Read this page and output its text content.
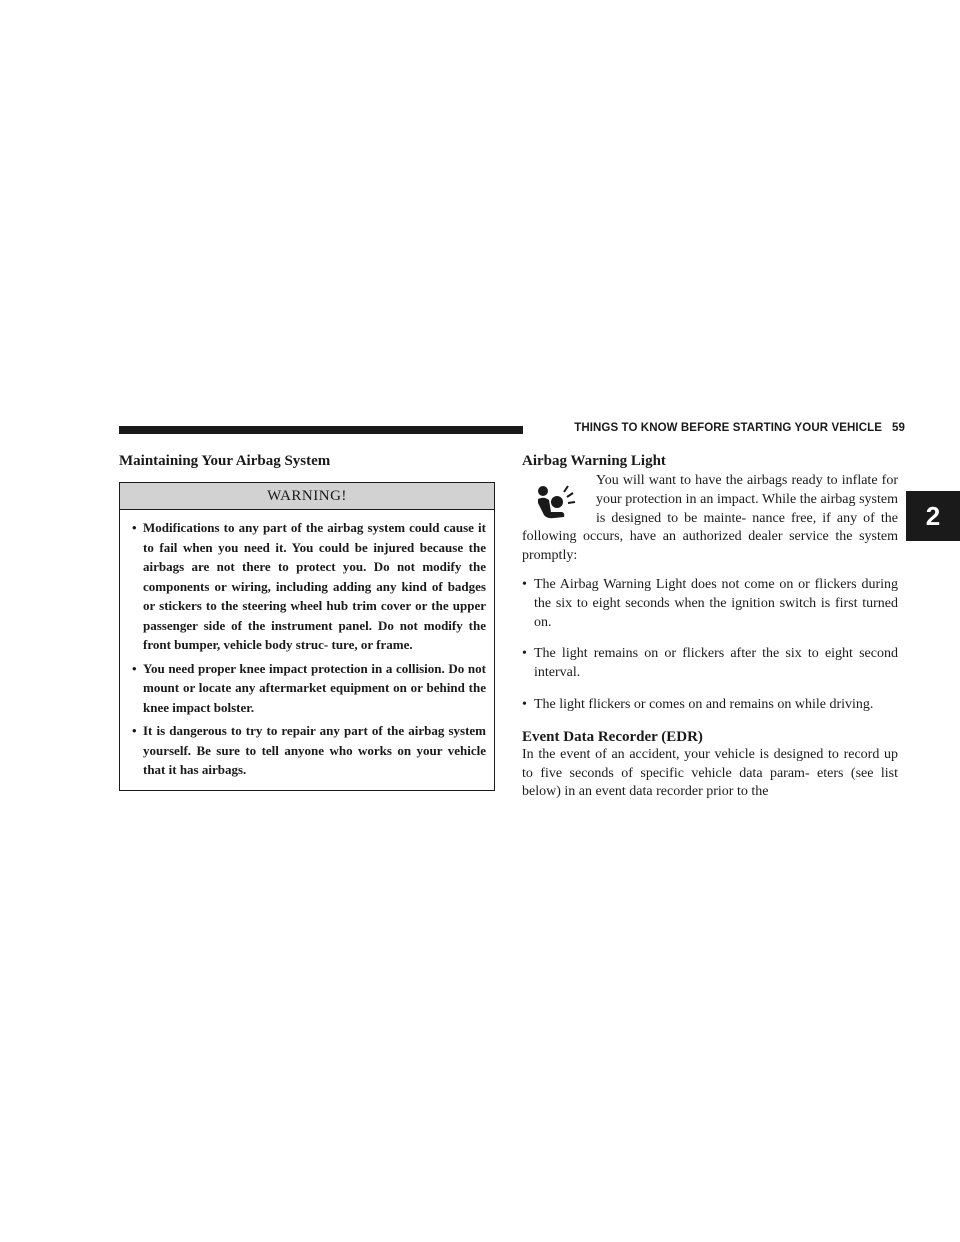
THINGS TO KNOW BEFORE STARTING YOUR VEHICLE 59
2
Maintaining Your Airbag System
WARNING!
• Modifications to any part of the airbag system could cause it to fail when you need it. You could be injured because the airbags are not there to protect you. Do not modify the components or wiring, including adding any kind of badges or stickers to the steering wheel hub trim cover or the upper passenger side of the instrument panel. Do not modify the front bumper, vehicle body struc- ture, or frame.
• You need proper knee impact protection in a collision. Do not mount or locate any aftermarket equipment on or behind the knee impact bolster.
• It is dangerous to try to repair any part of the airbag system yourself. Be sure to tell anyone who works on your vehicle that it has airbags.
Airbag Warning Light

You will want to have the airbags ready to inflate for your protection in an impact. While the airbag system is designed to be mainte- nance free, if any of the following occurs, have an authorized dealer service the system promptly:

• The Airbag Warning Light does not come on or flickers during the six to eight seconds when the ignition switch is first turned on.
• The light remains on or flickers after the six to eight second interval.
• The light flickers or comes on and remains on while driving.
Event Data Recorder (EDR)

In the event of an accident, your vehicle is designed to record up to five seconds of specific vehicle data param- eters (see list below) in an event data recorder prior to the
